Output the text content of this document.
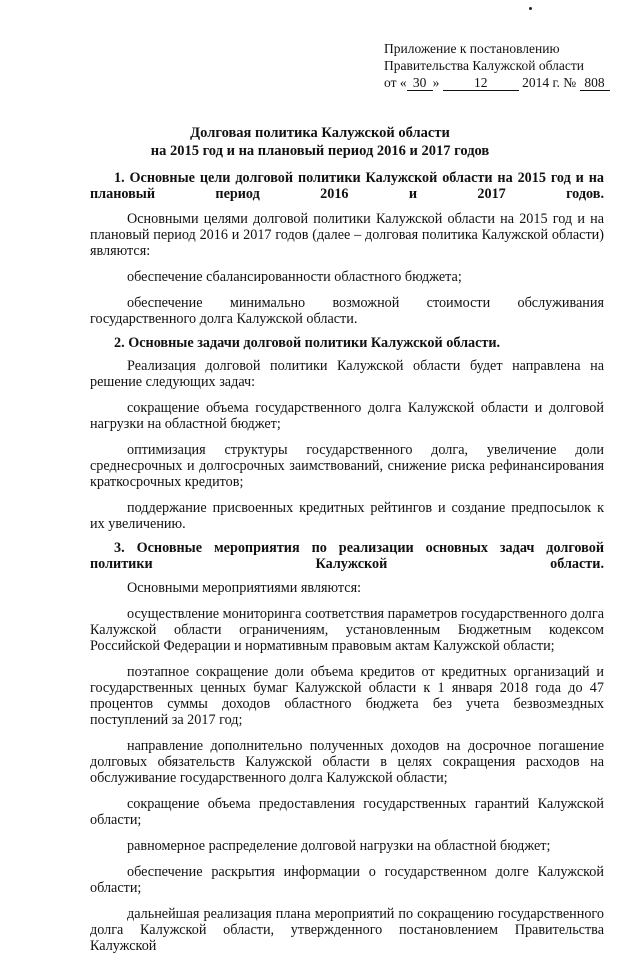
Приложение к постановлению
Правительства Калужской области
от « 30 »	12	2014 г. № 808
Долговая политика Калужской области
на 2015 год и на плановый период 2016 и 2017 годов

1. Основные цели долговой политики Калужской области на 2015 год и на плановый период 2016 и 2017 годов.

Основными целями долговой политики Калужской области на 2015 год и на плановый период 2016 и 2017 годов (далее – долговая политика Калужской области) являются:

обеспечение сбалансированности областного бюджета;

обеспечение минимально возможной стоимости обслуживания государственного долга Калужской области.

2. Основные задачи долговой политики Калужской области.

Реализация долговой политики Калужской области будет направлена на решение следующих задач:

сокращение объема государственного долга Калужской области и долговой нагрузки на областной бюджет;

оптимизация структуры государственного долга, увеличение доли среднесрочных и долгосрочных заимствований, снижение риска рефинансирования краткосрочных кредитов;

поддержание присвоенных кредитных рейтингов и создание предпосылок к их увеличению.

3. Основные мероприятия по реализации основных задач долговой политики Калужской области.

Основными мероприятиями являются:

осуществление мониторинга соответствия параметров государственного долга Калужской области ограничениям, установленным Бюджетным кодексом Российской Федерации и нормативным правовым актам Калужской области;

поэтапное сокращение доли объема кредитов от кредитных организаций и государственных ценных бумаг Калужской области к 1 января 2018 года до 47 процентов суммы доходов областного бюджета без учета безвозмездных поступлений за 2017 год;

направление дополнительно полученных доходов на досрочное погашение долговых обязательств Калужской области в целях сокращения расходов на обслуживание государственного долга Калужской области;

сокращение объема предоставления государственных гарантий Калужской области;

равномерное распределение долговой нагрузки на областной бюджет;

обеспечение раскрытия информации о государственном долге Калужской области;

дальнейшая реализация плана мероприятий по сокращению государственного долга Калужской области, утвержденного постановлением Правительства Калужской
